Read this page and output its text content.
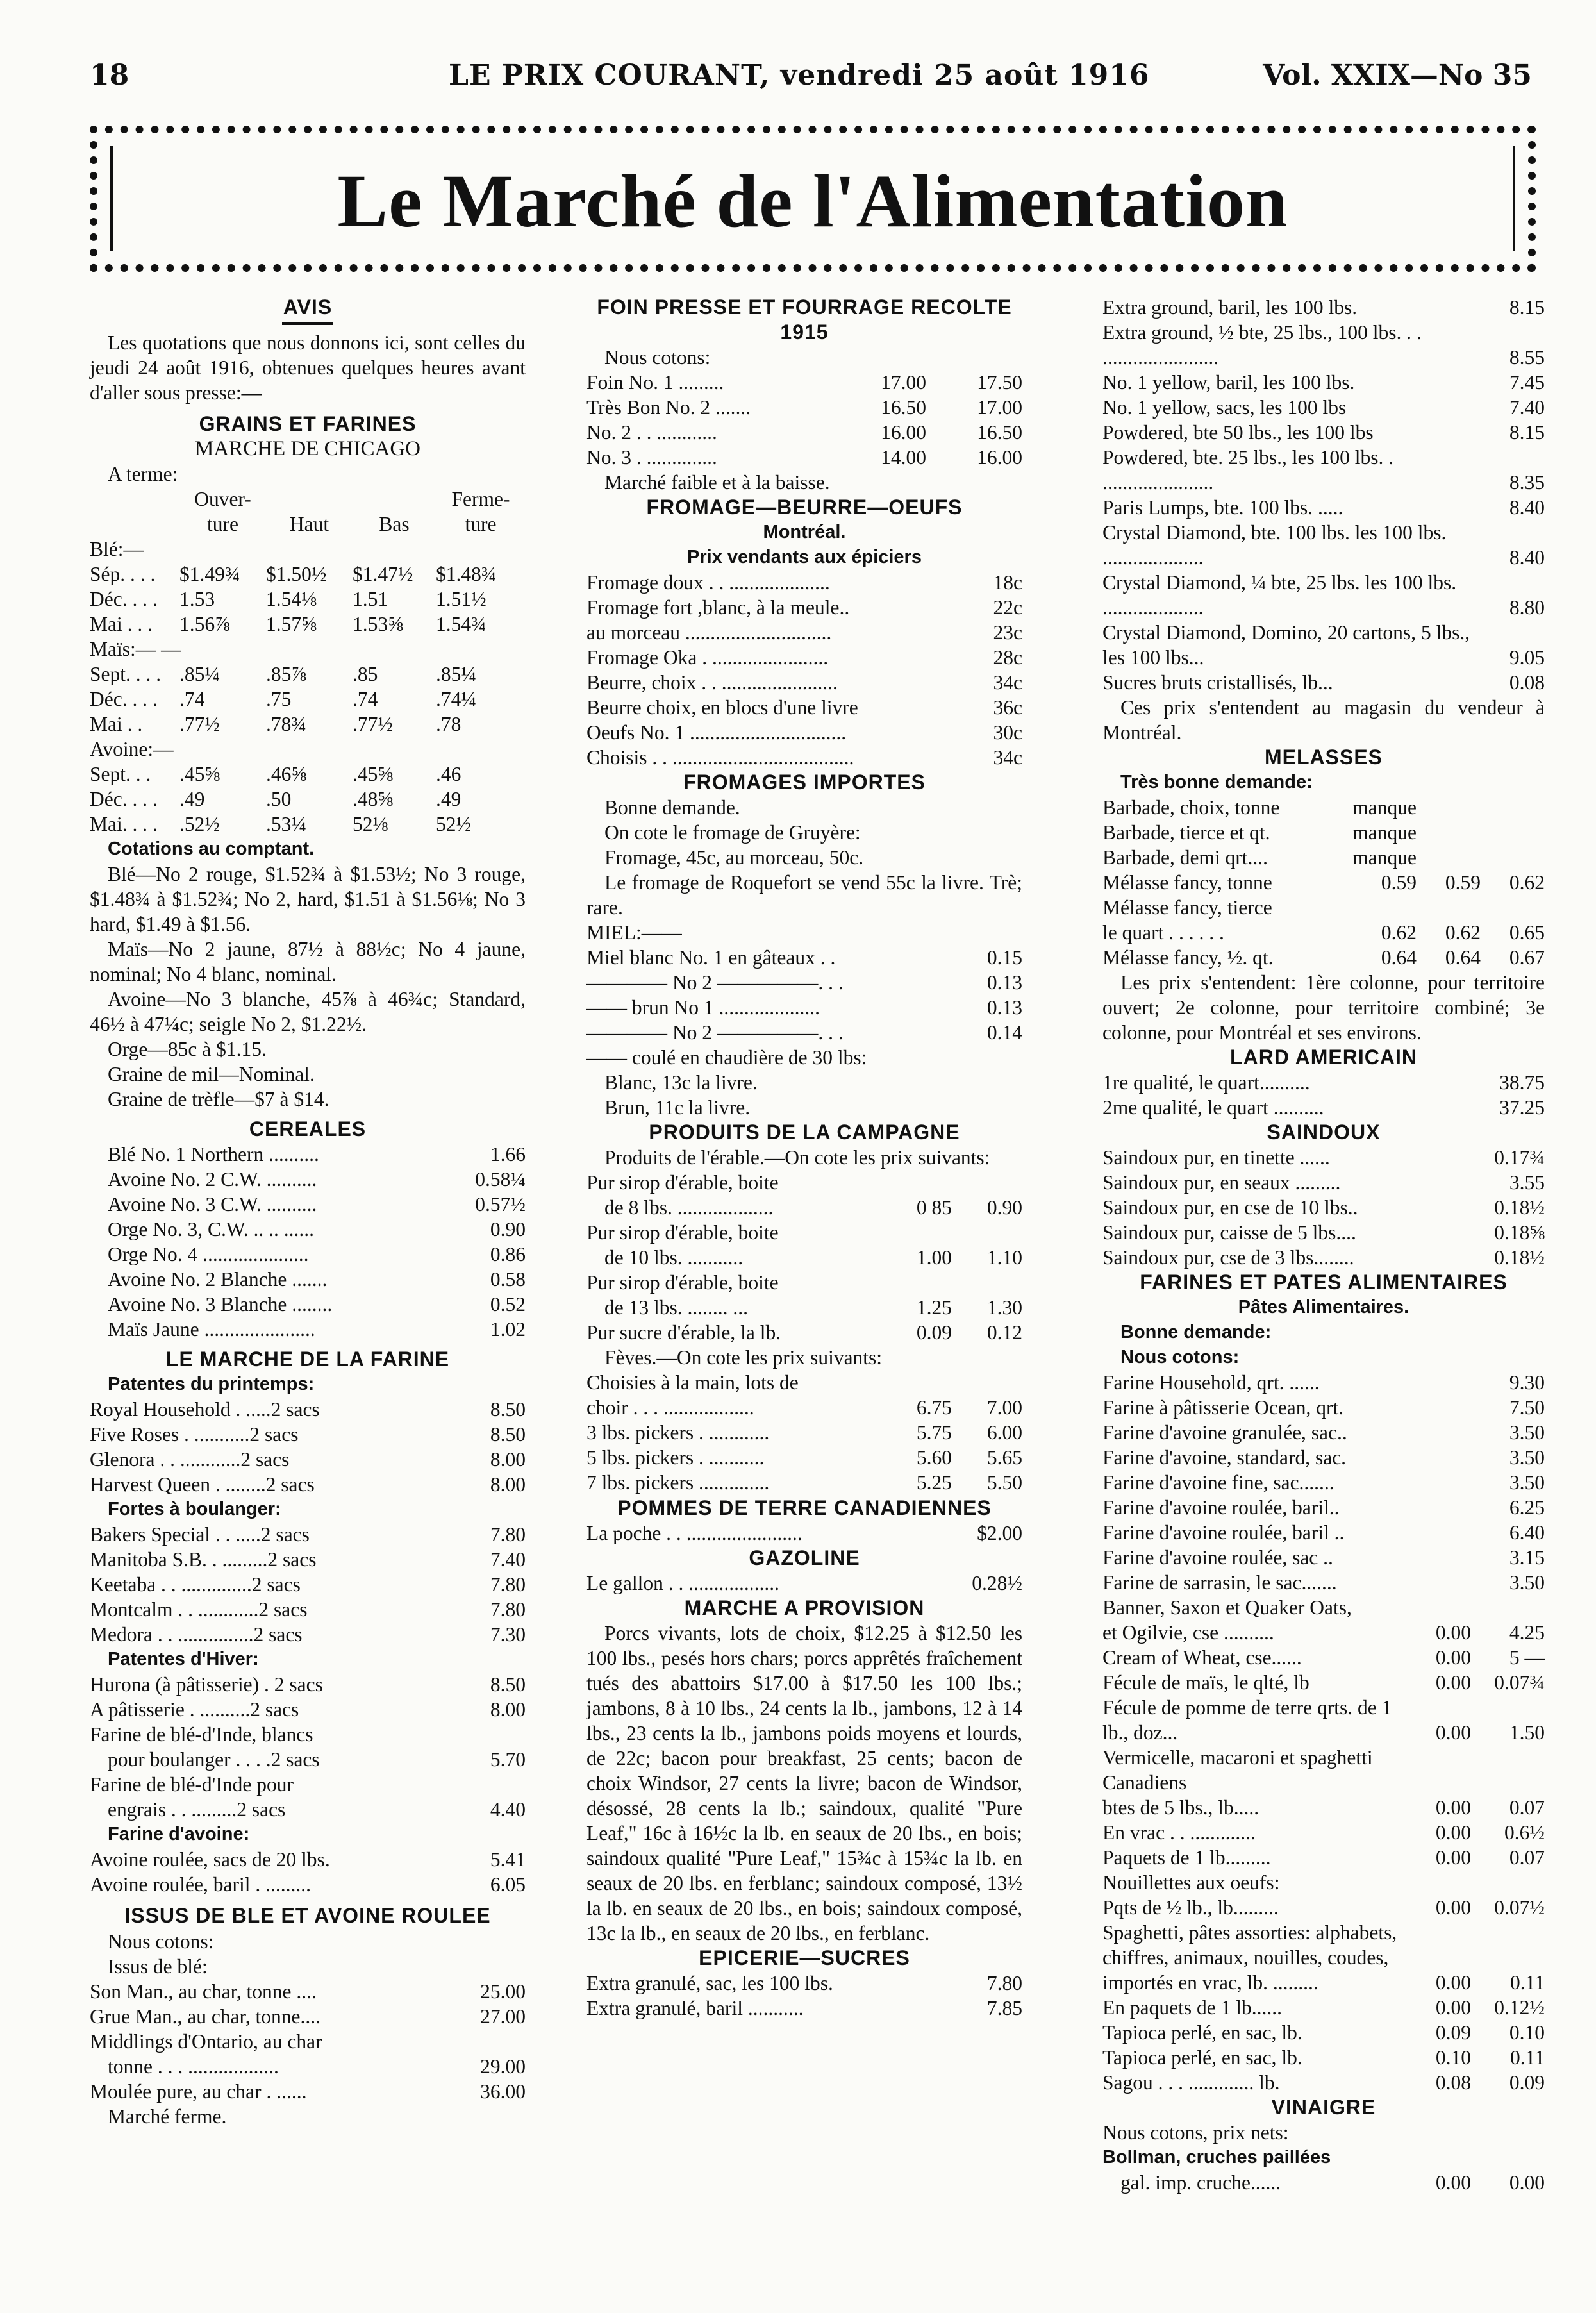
18	LE PRIX COURANT, vendredi 25 août 1916	Vol. XXIX—No 35
Le Marché de l'Alimentation
AVIS
Les quotations que nous donnons ici, sont celles du jeudi 24 août 1916, obtenues quelques heures avant d'aller sous presse:—
GRAINS ET FARINES
MARCHE DE CHICAGO
A terme:
Ouver-	Ferme-
ture	Haut	Bas	ture
Blé:—
Sép. . . .	$1.49¾	$1.50½	$1.47½	$1.48¾
Déc. . . .	1.53	1.54⅛	1.51	1.51½
Mai . . .	1.56⅞	1.57⅝	1.53⅝	1.54¾
Maïs:— —
Sept. . . . .85¼	.85⅞	.85	.85¼
Déc. . . .	.74	.75	.74	.74¼
Mai . .	.77½	.78¾	.77½	.78
Avoine:—
Sept. . .	.45⅝	.46⅝	.45⅝	.46
Déc. . . .	.49	.50	.48⅝	.49
Mai. . . .	.52½	.53¼	52⅛	52½
Cotations au comptant.
Blé—No 2 rouge, $1.52¾ à $1.53½; No 3 rouge, $1.48¾ à $1.52¾; No 2, hard, $1.51 à $1.56⅛; No 3 hard, $1.49 à $1.56.
Maïs—No 2 jaune, 87½ à 88½c; No 4 jaune, nominal; No 4 blanc, nominal.
Avoine—No 3 blanche, 45⅞ à 46¾c; Standard, 46½ à 47¼c; seigle No 2, $1.22½.
Orge—85c à $1.15.
Graine de mil—Nominal.
Graine de trèfle—$7 à $14.
CEREALES
Blé No. 1 Northern ..........	1.66
Avoine No. 2 C.W. ..........	0.58¼
Avoine No. 3 C.W. ..........	0.57½
Orge No. 3, C.W. .. .. ......	0.90
Orge No. 4 .....................	0.86
Avoine No. 2 Blanche .......	0.58
Avoine No. 3 Blanche ........	0.52
Maïs Jaune ......................	1.02
LE MARCHE DE LA FARINE
Patentes du printemps:
Royal Household . .....2 sacs	8.50
Five Roses . ...........2 sacs	8.50
Glenora . . ............2 sacs	8.00
Harvest Queen . ........2 sacs	8.00
Fortes à boulanger:
Bakers Special . . .....2 sacs	7.80
Manitoba S.B. . .........2 sacs	7.40
Keetaba . . ..............2 sacs	7.80
Montcalm . . ............2 sacs	7.80
Medora . . ...............2 sacs	7.30
Patentes d'Hiver:
Hurona (à pâtisserie) . 2 sacs	8.50
A pâtisserie . ..........2 sacs	8.00
Farine de blé-d'Inde, blancs
pour boulanger . . . .2 sacs	5.70
Farine de blé-d'Inde pour
engrais . . .........2 sacs	4.40
Farine d'avoine:
Avoine roulée, sacs de 20 lbs.	5.41
Avoine roulée, baril . .........	6.05
ISSUS DE BLE ET AVOINE ROULEE
Nous cotons:
Issus de blé:
Son Man., au char, tonne ....	25.00
Grue Man., au char, tonne....	27.00
Middlings d'Ontario, au char
tonne . . . ..................	29.00
Moulée pure, au char . ......	36.00
Marché ferme.
FOIN PRESSE ET FOURRAGE RECOLTE 1915
Nous cotons:
Foin No. 1 .........	17.00	17.50
Très Bon No. 2 .......	16.50	17.00
No. 2 . . ............	16.00	16.50
No. 3 . ..............	14.00	16.00
Marché faible et à la baisse.
FROMAGE—BEURRE—OEUFS
Montréal.
Prix vendants aux épiciers
Fromage doux . . ....................	18c
Fromage fort ,blanc, à la meule..	22c
au morceau .............................	23c
Fromage Oka . .......................	28c
Beurre, choix . . .......................	34c
Beurre choix, en blocs d'une livre	36c
Oeufs No. 1 ...............................	30c
Choisis . . ....................................	34c
FROMAGES IMPORTES
Bonne demande.
On cote le fromage de Gruyère:
Fromage, 45c, au morceau, 50c.
Le fromage de Roquefort se vend 55c la livre. Trè; rare.
MIEL:——
Miel blanc No. 1 en gâteaux . .	0.15
———— No 2 —————. . .	0.13
—— brun No 1 ....................	0.13
———— No 2 —————. . .	0.14
—— coulé en chaudière de 30 lbs:
Blanc, 13c la livre.
Brun, 11c la livre.
PRODUITS DE LA CAMPAGNE
Produits de l'érable.—On cote les prix suivants:
Pur sirop d'érable, boite
de 8 lbs. ...................	0 85	0.90
Pur sirop d'érable, boite
de 10 lbs. ...........	1.00	1.10
Pur sirop d'érable, boite
de 13 lbs. ........ ...	1.25	1.30
Pur sucre d'érable, la lb.	0.09	0.12
Fèves.—On cote les prix suivants:
Choisies à la main, lots de
choir . . . ..................	6.75	7.00
3 lbs. pickers . ............	5.75	6.00
5 lbs. pickers . ...........	5.60	5.65
7 lbs. pickers ..............	5.25	5.50
POMMES DE TERRE CANADIENNES
La poche . . .......................	$2.00
GAZOLINE
Le gallon . . ..................	0.28½
MARCHE A PROVISION
Porcs vivants, lots de choix, $12.25 à $12.50 les 100 lbs., pesés hors chars; porcs apprêtés fraîchement tués des abattoirs $17.00 à $17.50 les 100 lbs.; jambons, 8 à 10 lbs., 24 cents la lb., jambons, 12 à 14 lbs., 23 cents la lb., jambons poids moyens et lourds, de 22c; bacon pour breakfast, 25 cents; bacon de choix Windsor, 27 cents la livre; bacon de Windsor, désossé, 28 cents la lb.; saindoux, qualité "Pure Leaf," 16c à 16½c la lb. en seaux de 20 lbs., en bois; saindoux qualité "Pure Leaf," 15¾c à 15¾c la lb. en seaux de 20 lbs. en ferblanc; saindoux composé, 13½ la lb. en seaux de 20 lbs., en bois; saindoux composé, 13c la lb., en seaux de 20 lbs., en ferblanc.
EPICERIE—SUCRES
Extra granulé, sac, les 100 lbs.	7.80
Extra granulé, baril ...........	7.85
Extra ground, baril, les 100 lbs.	8.15
Extra ground, ½ bte, 25 lbs., 100 lbs. . . .......................	8.55
No. 1 yellow, baril, les 100 lbs.	7.45
No. 1 yellow, sacs, les 100 lbs	7.40
Powdered, bte 50 lbs., les 100 lbs	8.15
Powdered, bte. 25 lbs., les 100 lbs. . ......................	8.35
Paris Lumps, bte. 100 lbs. .....	8.40
Crystal Diamond, bte. 100 lbs. les 100 lbs. ....................	8.40
Crystal Diamond, ¼ bte, 25 lbs. les 100 lbs. ....................	8.80
Crystal Diamond, Domino, 20 cartons, 5 lbs., les 100 lbs...	9.05
Sucres bruts cristallisés, lb...	0.08
Ces prix s'entendent au magasin du vendeur à Montréal.
MELASSES
Très bonne demande:
Barbade, choix, tonne	manque
Barbade, tierce et qt.	manque
Barbade, demi qrt....	manque
Mélasse fancy, tonne	0.59	0.59	0.62
Mélasse fancy, tierce
le quart . . . . . .	0.62	0.62	0.65
Mélasse fancy, ½. qt.	0.64	0.64	0.67
Les prix s'entendent: 1ère colonne, pour territoire ouvert; 2e colonne, pour territoire combiné; 3e colonne, pour Montréal et ses environs.
LARD AMERICAIN
1re qualité, le quart..........	38.75
2me qualité, le quart ..........	37.25
SAINDOUX
Saindoux pur, en tinette ......	0.17¾
Saindoux pur, en seaux .........	3.55
Saindoux pur, en cse de 10 lbs..	0.18½
Saindoux pur, caisse de 5 lbs....	0.18⅝
Saindoux pur, cse de 3 lbs........	0.18½
FARINES ET PATES ALIMENTAIRES
Pâtes Alimentaires.
Bonne demande:
Nous cotons:
Farine Household, qrt. ......	9.30
Farine à pâtisserie Ocean, qrt.	7.50
Farine d'avoine granulée, sac..	3.50
Farine d'avoine, standard, sac.	3.50
Farine d'avoine fine, sac.......	3.50
Farine d'avoine roulée, baril..	6.25
Farine d'avoine roulée, baril ..	6.40
Farine d'avoine roulée, sac ..	3.15
Farine de sarrasin, le sac.......	3.50
Banner, Saxon et Quaker Oats,
et Ogilvie, cse ..........	0.00	4.25
Cream of Wheat, cse......	0.00	5 —
Fécule de maïs, le qlté, lb	0.00	0.07¾
Fécule de pomme de terre qrts. de 1 lb., doz...	0.00	1.50
Vermicelle, macaroni et spaghetti Canadiens
btes de 5 lbs., lb.....	0.00	0.07
En vrac . . .............	0.00	0.6½
Paquets de 1 lb.........	0.00	0.07
Nouillettes aux oeufs:
Pqts de ½ lb., lb.........	0.00	0.07½
Spaghetti, pâtes assorties: alphabets, chiffres, animaux, nouilles, coudes, importés en vrac, lb. .........	0.00	0.11
En paquets de 1 lb......	0.00	0.12½
Tapioca perlé, en sac, lb.	0.09	0.10
Tapioca perlé, en sac, lb.	0.10	0.11
Sagou . . . ............. lb.	0.08	0.09
VINAIGRE
Nous cotons, prix nets:
Bollman, cruches paillées
gal. imp. cruche......	0.00	0.00
